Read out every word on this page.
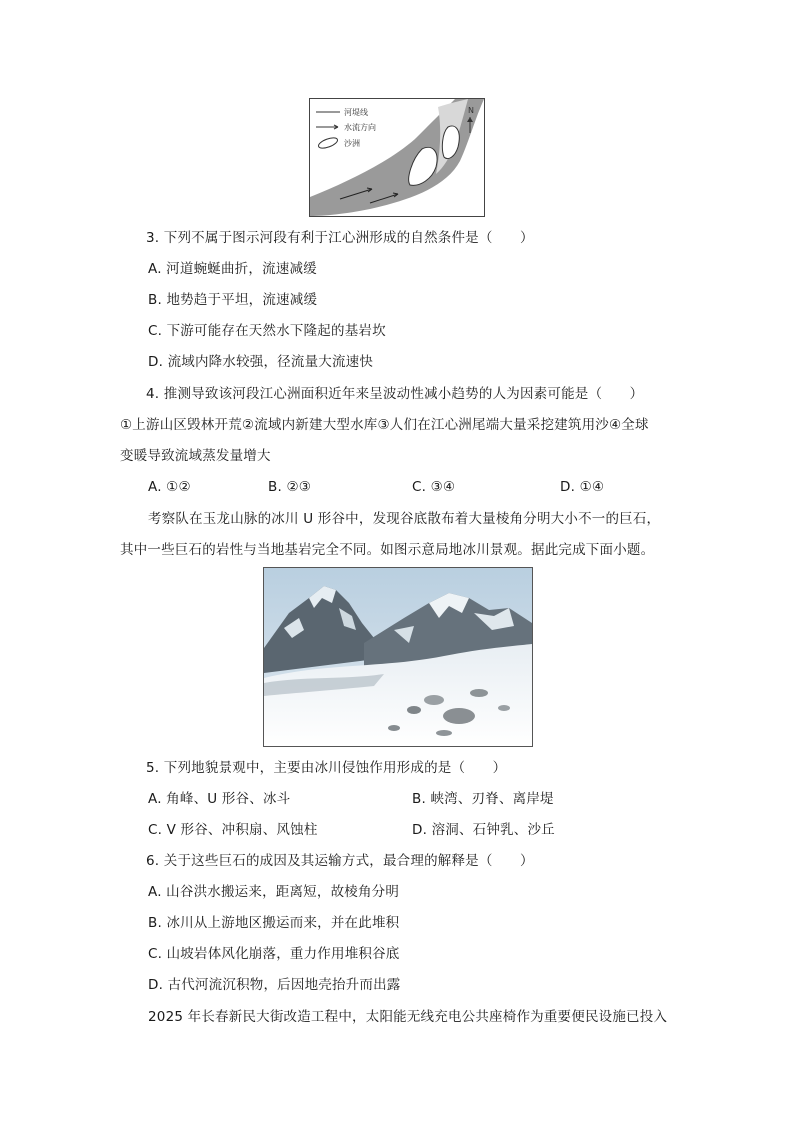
河堤线
水流方向
沙洲
N
3. 下列不属于图示河段有利于江心洲形成的自然条件是（　　）
A. 河道蜿蜒曲折，流速减缓
B. 地势趋于平坦，流速减缓
C. 下游可能存在天然水下隆起的基岩坎
D. 流域内降水较强，径流量大流速快
4. 推测导致该河段江心洲面积近年来呈波动性减小趋势的人为因素可能是（　　）
①上游山区毁林开荒②流域内新建大型水库③人们在江心洲尾端大量采挖建筑用沙④全球
变暖导致流域蒸发量增大
A. ①②	B. ②③	C. ③④	D. ①④
考察队在玉龙山脉的冰川 U 形谷中，发现谷底散布着大量棱角分明大小不一的巨石，
其中一些巨石的岩性与当地基岩完全不同。如图示意局地冰川景观。据此完成下面小题。
5. 下列地貌景观中，主要由冰川侵蚀作用形成的是（　　）
A. 角峰、U 形谷、冰斗	B. 峡湾、刃脊、离岸堤
C. V 形谷、冲积扇、风蚀柱	D. 溶洞、石钟乳、沙丘
6. 关于这些巨石的成因及其运输方式，最合理的解释是（　　）
A. 山谷洪水搬运来，距离短，故棱角分明
B. 冰川从上游地区搬运而来，并在此堆积
C. 山坡岩体风化崩落，重力作用堆积谷底
D. 古代河流沉积物，后因地壳抬升而出露
2025 年长春新民大街改造工程中，太阳能无线充电公共座椅作为重要便民设施已投入
